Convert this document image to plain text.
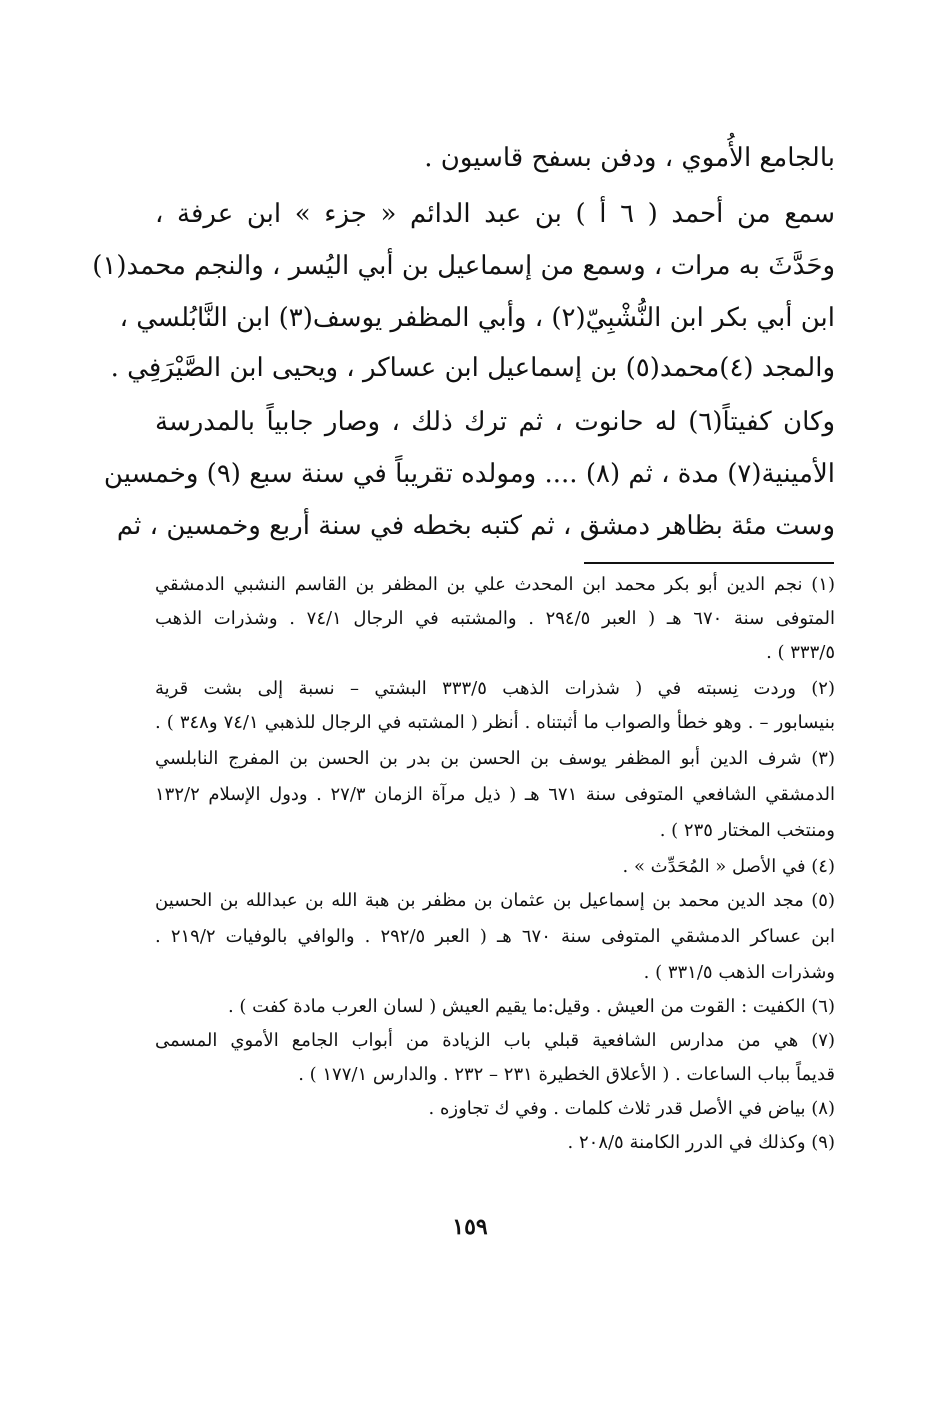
بالجامع الأُموي ، ودفن بسفح قاسيون .
سمع من أحمد ( ٦ أ ) بن عبد الدائم « جزء » ابن عرفة ،
وحَدَّثَ به مرات ، وسمع من إسماعيل بن أبي اليُسر ، والنجم محمد(١)
ابن أبي بكر ابن النُّشْبِيّ(٢) ، وأبي المظفر يوسف(٣) ابن النَّابُلسي ،
والمجد (٤)محمد(٥) بن إسماعيل ابن عساكر ، ويحيى ابن الصَّيْرَفِي .
وكان كفيتاً(٦) له حانوت ، ثم ترك ذلك ، وصار جابياً بالمدرسة
الأمينية(٧) مدة ، ثم (٨) .... ومولده تقريباً في سنة سبع (٩) وخمسين
وست مئة بظاهر دمشق ، ثم كتبه بخطه في سنة أربع وخمسين ، ثم
(١) نجم الدين أبو بكر محمد ابن المحدث علي بن المظفر بن القاسم النشبي الدمشقي
المتوفى سنة ٦٧٠ هـ ( العبر ٢٩٤/٥ . والمشتبه في الرجال ٧٤/١ . وشذرات الذهب
٣٣٣/٥ ) .
(٢) وردت نِسبته في ( شذرات الذهب ٣٣٣/٥ البشتي – نسبة إلى بشت قرية
بنيسابور – . وهو خطأ والصواب ما أثبتناه . أنظر ( المشتبه في الرجال للذهبي ٧٤/١ و٣٤٨ ) .
(٣) شرف الدين أبو المظفر يوسف بن الحسن بن بدر بن الحسن بن المفرج النابلسي
الدمشقي الشافعي المتوفى سنة ٦٧١ هـ ( ذيل مرآة الزمان ٢٧/٣ . ودول الإسلام ١٣٢/٢
ومنتخب المختار ٢٣٥ ) .
(٤) في الأصل « المُحَدِّث » .
(٥) مجد الدين محمد بن إسماعيل بن عثمان بن مظفر بن هبة الله بن عبدالله بن الحسين
ابن عساكر الدمشقي المتوفى سنة ٦٧٠ هـ ( العبر ٢٩٢/٥ . والوافي بالوفيات ٢١٩/٢ .
وشذرات الذهب ٣٣١/٥ ) .
(٦) الكفيت : القوت من العيش . وقيل:ما يقيم العيش ( لسان العرب مادة كفت ) .
(٧) هي من مدارس الشافعية قبلي باب الزيادة من أبواب الجامع الأموي المسمى
قديماً بباب الساعات . ( الأعلاق الخطيرة ٢٣١ – ٢٣٢ . والدارس ١٧٧/١ ) .
(٨) بياض في الأصل قدر ثلاث كلمات . وفي ك تجاوزه .
(٩) وكذلك في الدرر الكامنة ٢٠٨/٥ .
١٥٩
